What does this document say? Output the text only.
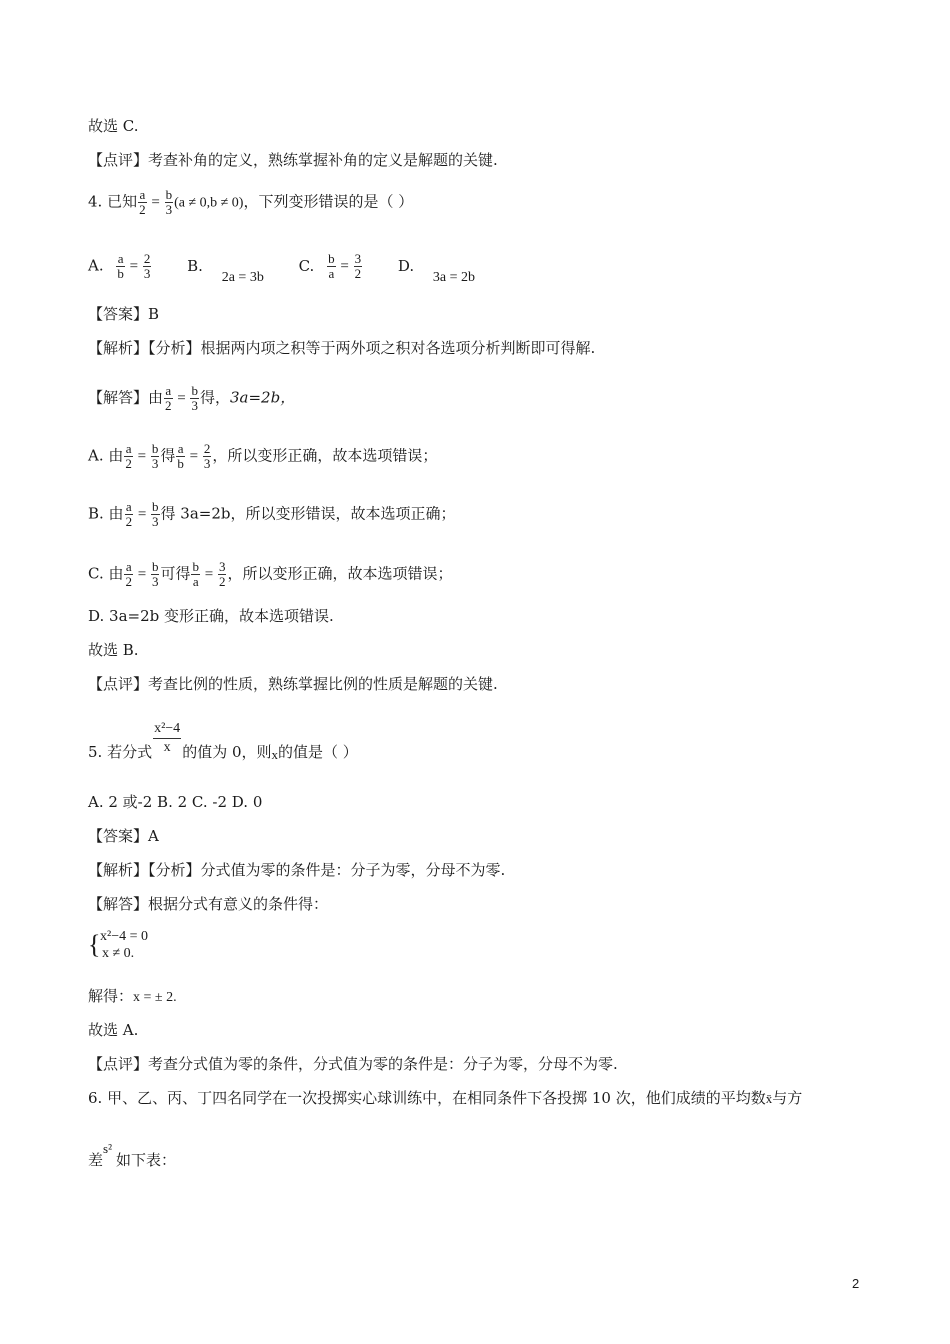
故选 C.
【点评】考查补角的定义，熟练掌握补角的定义是解题的关键.
4. 已知 $\frac{a}{2} = \frac{b}{3} (a \ne 0,b \ne 0)$，下列变形错误的是（ ）
A. $\frac{a}{b} = \frac{2}{3} B$. 2a = 3b C. $\frac{b}{a} = \frac{3}{2} D$. 3a = 2b
【答案】B
【解析】【分析】根据两内项之积等于两外项之积对各选项分析判断即可得解.
【解答】由 $\frac{a}{2} = \frac{b}{3}$ 得，3a=2b，
A. 由 $\frac{a}{2} = \frac{b}{3}$ 得 $\frac{a}{b} = \frac{2}{3}$ ，所以变形正确，故本选项错误；
B. 由 $\frac{a}{2} = \frac{b}{3}$ 得 3a=2b，所以变形错误，故本选项正确；
C. 由 $\frac{a}{2} = \frac{b}{3}$ 可得 $\frac{b}{a} = \frac{3}{2}$ ，所以变形正确，故本选项错误；
D. 3a=2b 变形正确，故本选项错误.
故选 B.
【点评】考查比例的性质，熟练掌握比例的性质是解题的关键.
5. 若分式 $\frac{\text{x²−4}}{x}$ 的值为 0，则x的值是（ ）
A. 2 或-2 B. 2 C. -2 D. 0
【答案】A
【解析】【分析】分式值为零的条件是：分子为零，分母不为零.
【解答】根据分式有意义的条件得：
{ x²−4 = 0
x ≠ 0.
解得：x = ± 2.
故选 A.
【点评】考查分式值为零的条件，分式值为零的条件是：分子为零，分母不为零.
6. 甲、乙、丙、丁四名同学在一次投掷实心球训练中，在相同条件下各投掷 10 次，他们成绩的平均数x̄与方
差s²如下表：
2
